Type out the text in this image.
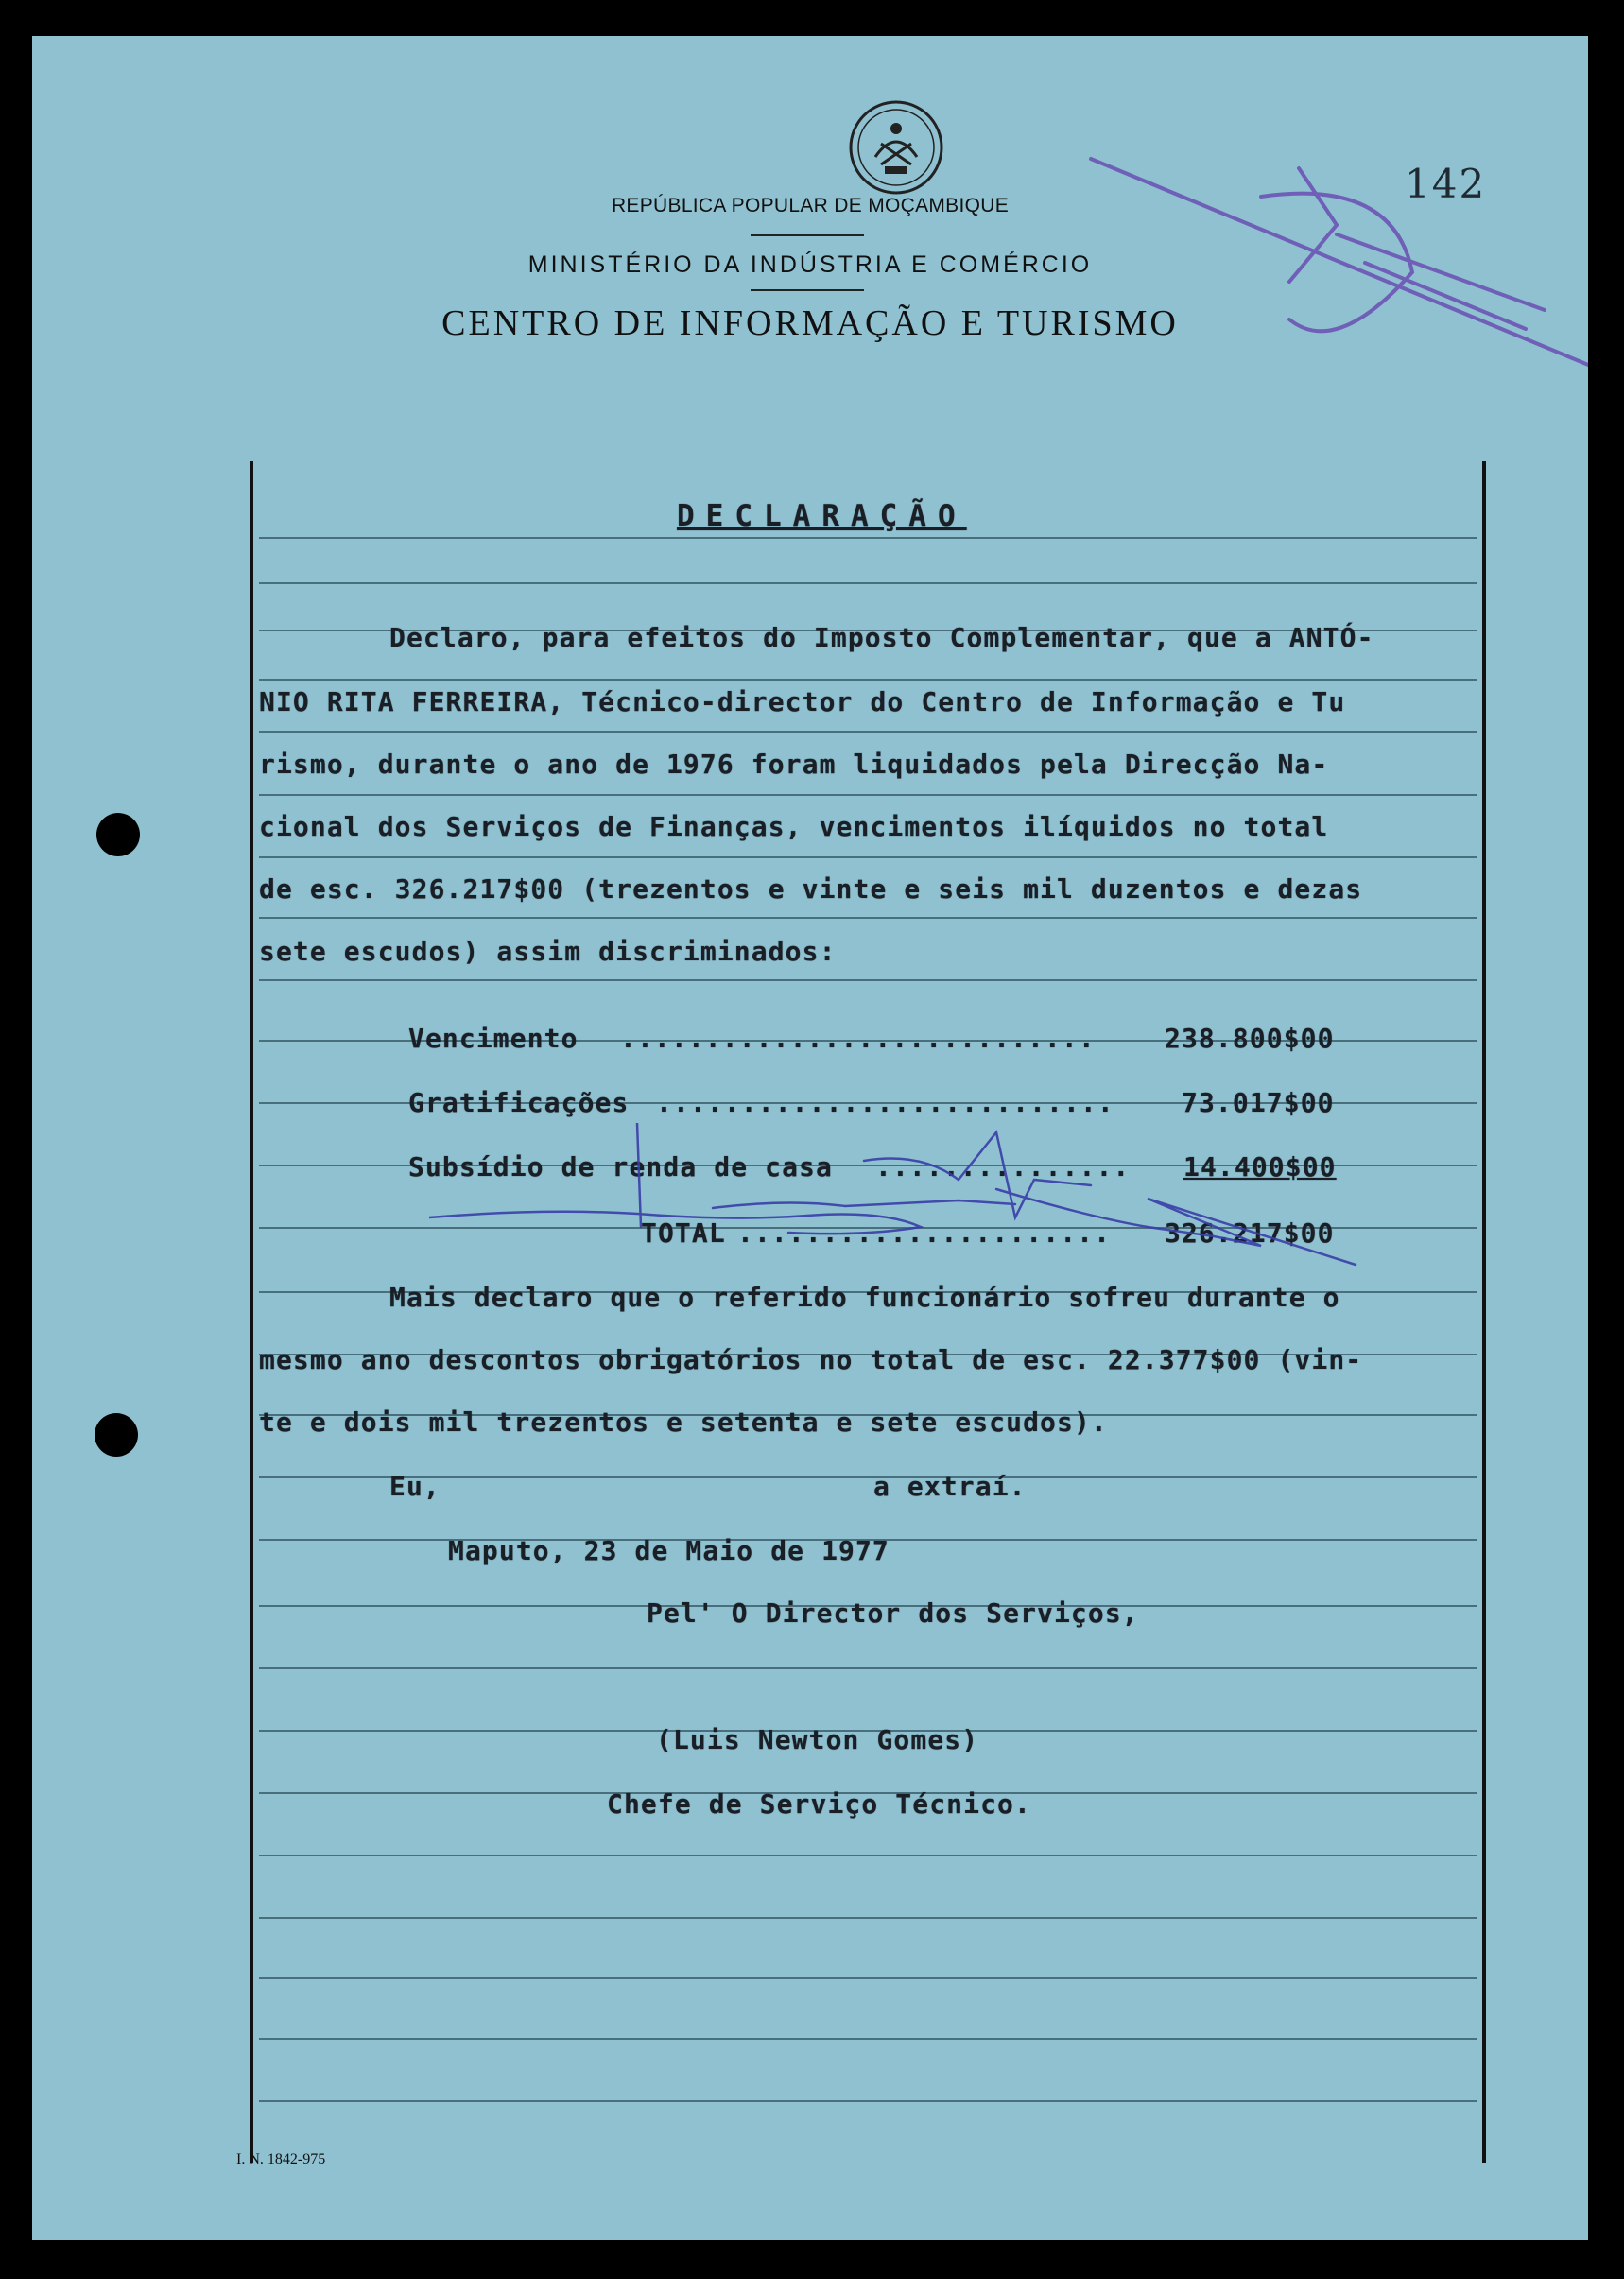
REPÚBLICA POPULAR DE MOÇAMBIQUE
MINISTÉRIO DA INDÚSTRIA E COMÉRCIO
CENTRO DE INFORMAÇÃO E TURISMO
142
DECLARAÇÃO
Declaro, para efeitos do Imposto Complementar, que a ANTÓ-
NIO RITA FERREIRA, Técnico-director do Centro de Informação e Tu
rismo, durante o ano de 1976 foram liquidados pela Direcção Na-
cional dos Serviços de Finanças, vencimentos ilíquidos no total
de esc. 326.217$00 (trezentos e vinte e seis mil duzentos e dezas
sete escudos) assim discriminados:
Vencimento ............................	238.800$00
Gratificações ...........................	73.017$00
Subsídio de renda de casa ............... 14.400$00
TOTAL ...................... 326.217$00
Mais declaro que o referido funcionário sofreu durante o
mesmo ano descontos obrigatórios no total de esc. 22.377$00 (vin-
te e dois mil trezentos e setenta e sete escudos).
Eu,	a extraí.
Maputo, 23 de Maio de 1977
Pel' O Director dos Serviços,
(Luis Newton Gomes)
Chefe de Serviço Técnico.
I. N. 1842-975
